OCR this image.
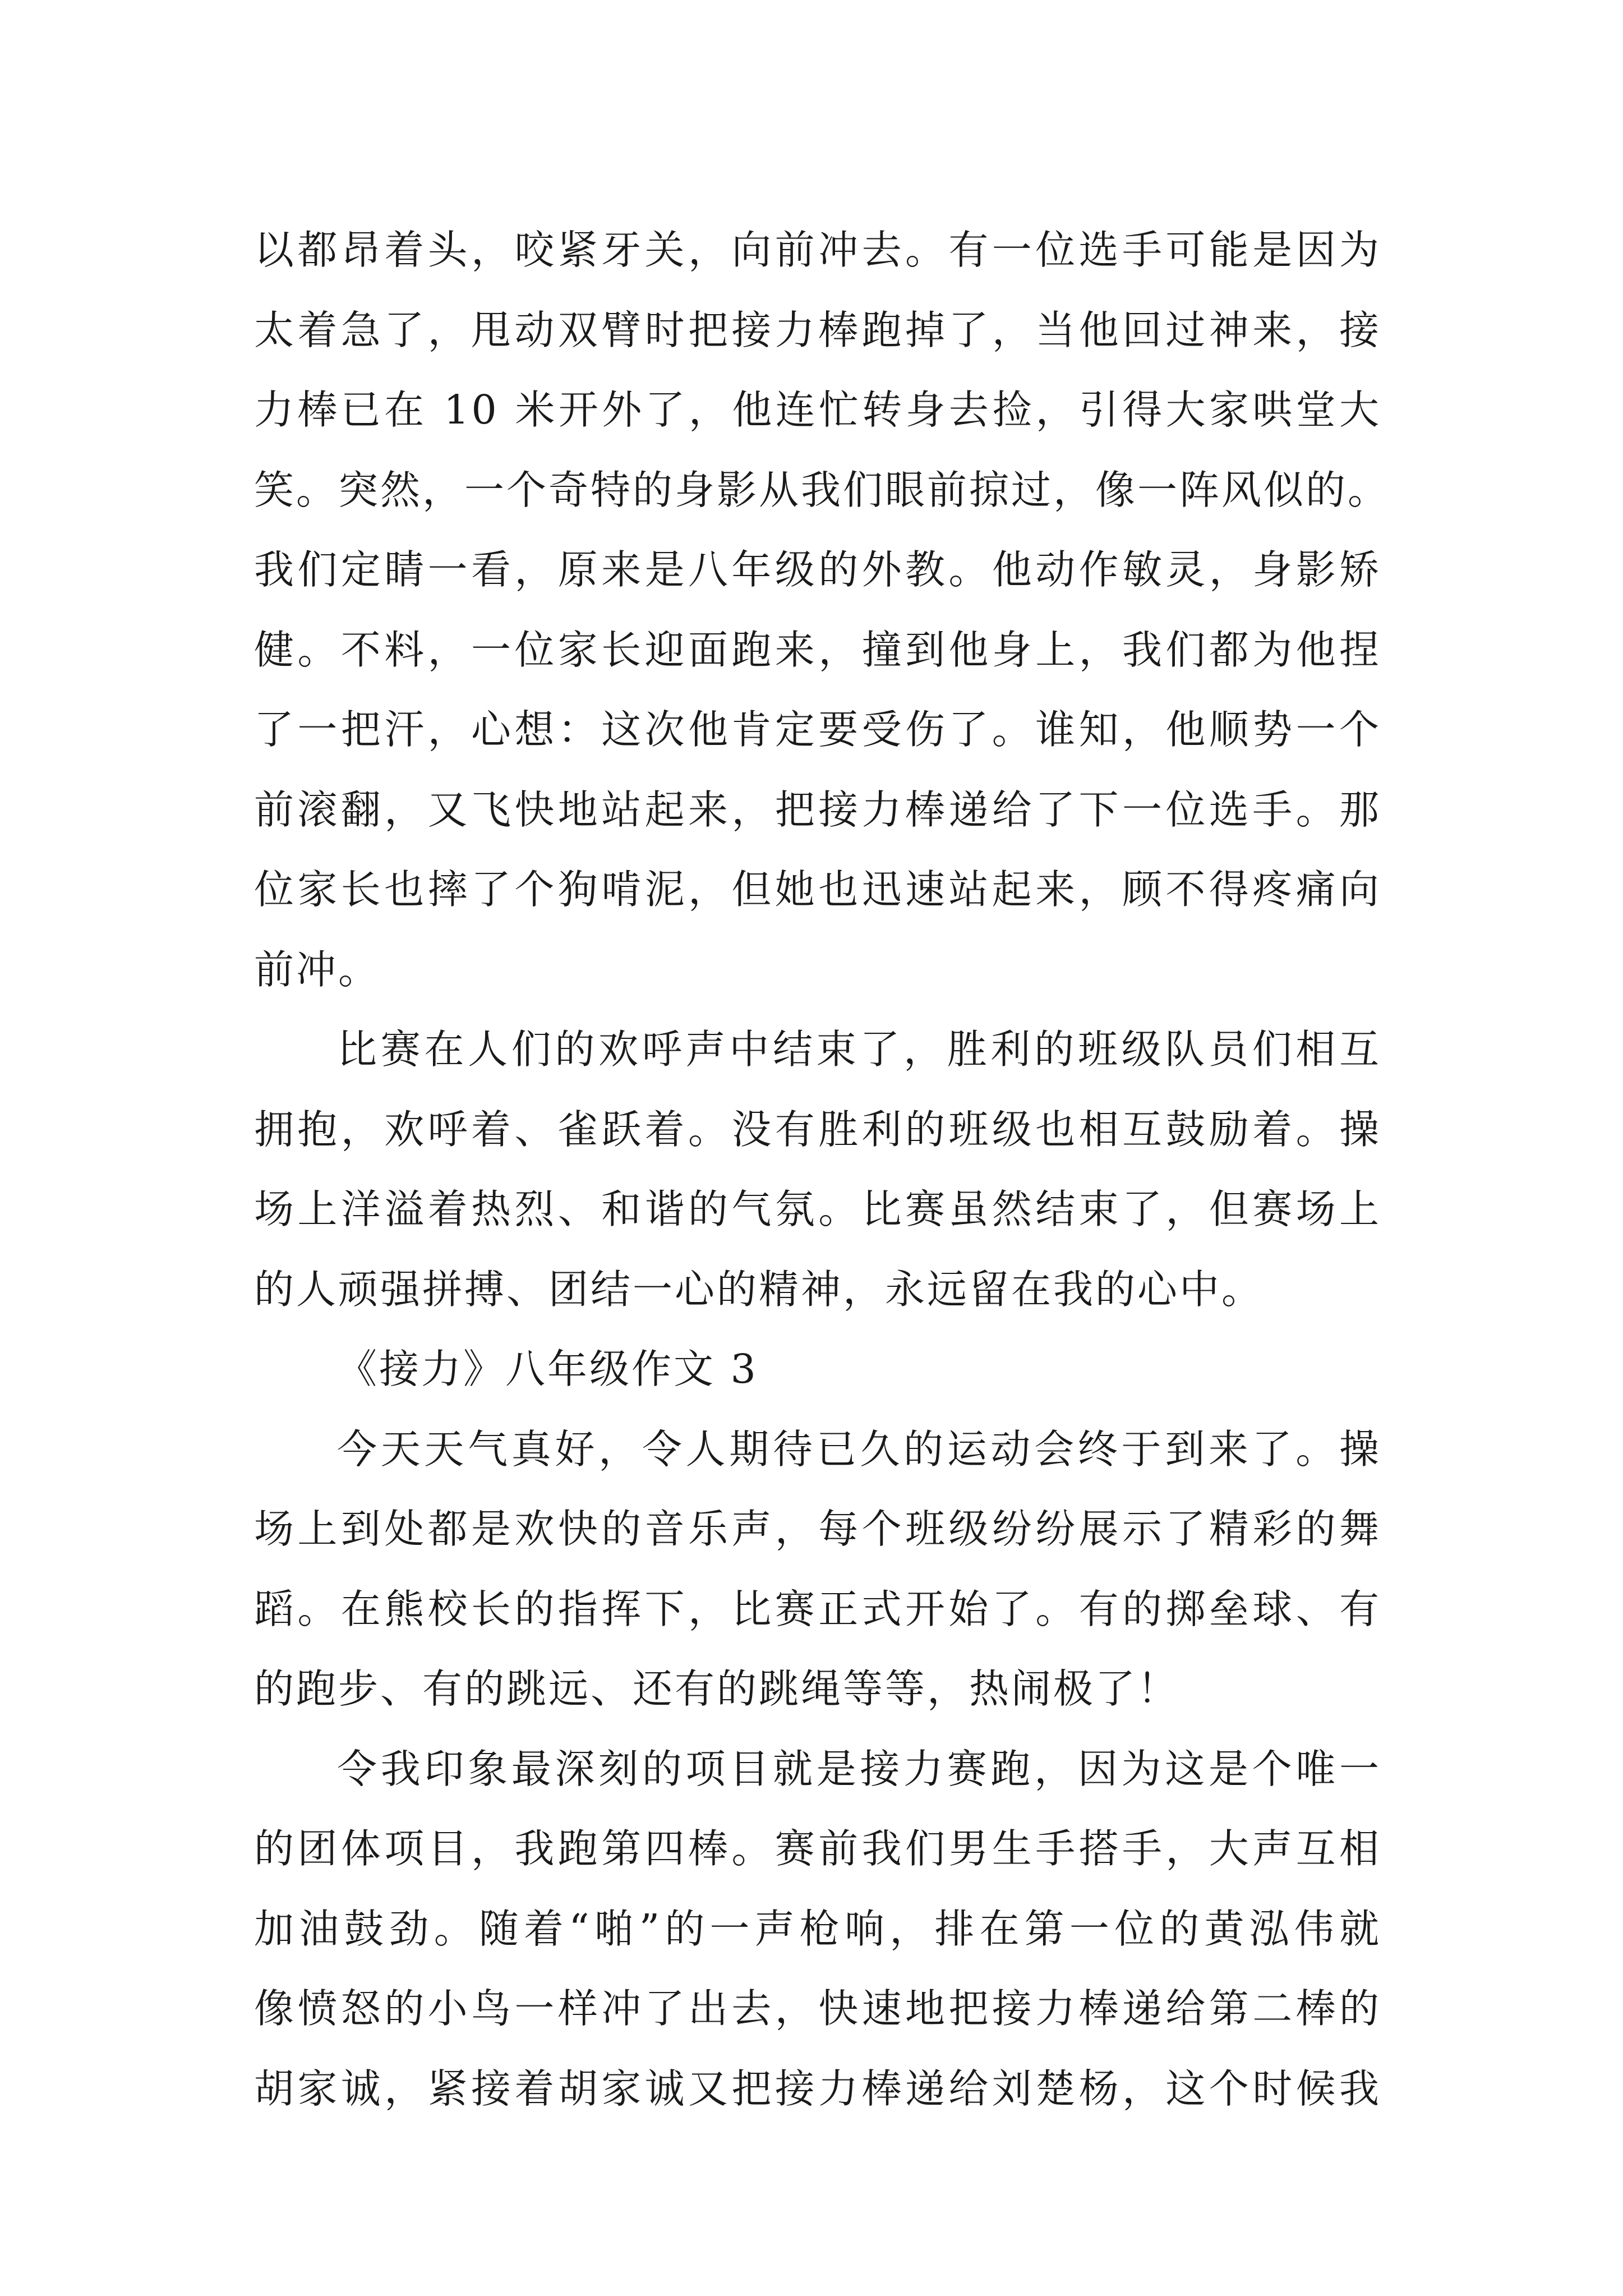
以都昂着头，咬紧牙关，向前冲去。有一位选手可能是因为
太着急了，甩动双臂时把接力棒跑掉了，当他回过神来，接
力棒已在 10 米开外了，他连忙转身去捡，引得大家哄堂大
笑。突然，一个奇特的身影从我们眼前掠过，像一阵风似的。
我们定睛一看，原来是八年级的外教。他动作敏灵，身影矫
健。不料，一位家长迎面跑来，撞到他身上，我们都为他捏
了一把汗，心想：这次他肯定要受伤了。谁知，他顺势一个
前滚翻，又飞快地站起来，把接力棒递给了下一位选手。那
位家长也摔了个狗啃泥，但她也迅速站起来，顾不得疼痛向
前冲。
比赛在人们的欢呼声中结束了，胜利的班级队员们相互
拥抱，欢呼着、雀跃着。没有胜利的班级也相互鼓励着。操
场上洋溢着热烈、和谐的气氛。比赛虽然结束了，但赛场上
的人顽强拼搏、团结一心的精神，永远留在我的心中。
《接力》八年级作文 3
今天天气真好，令人期待已久的运动会终于到来了。操
场上到处都是欢快的音乐声，每个班级纷纷展示了精彩的舞
蹈。在熊校长的指挥下，比赛正式开始了。有的掷垒球、有
的跑步、有的跳远、还有的跳绳等等，热闹极了！
令我印象最深刻的项目就是接力赛跑，因为这是个唯一
的团体项目，我跑第四棒。赛前我们男生手搭手，大声互相
加油鼓劲。随着“啪”的一声枪响，排在第一位的黄泓伟就
像愤怒的小鸟一样冲了出去，快速地把接力棒递给第二棒的
胡家诚，紧接着胡家诚又把接力棒递给刘楚杨，这个时候我
